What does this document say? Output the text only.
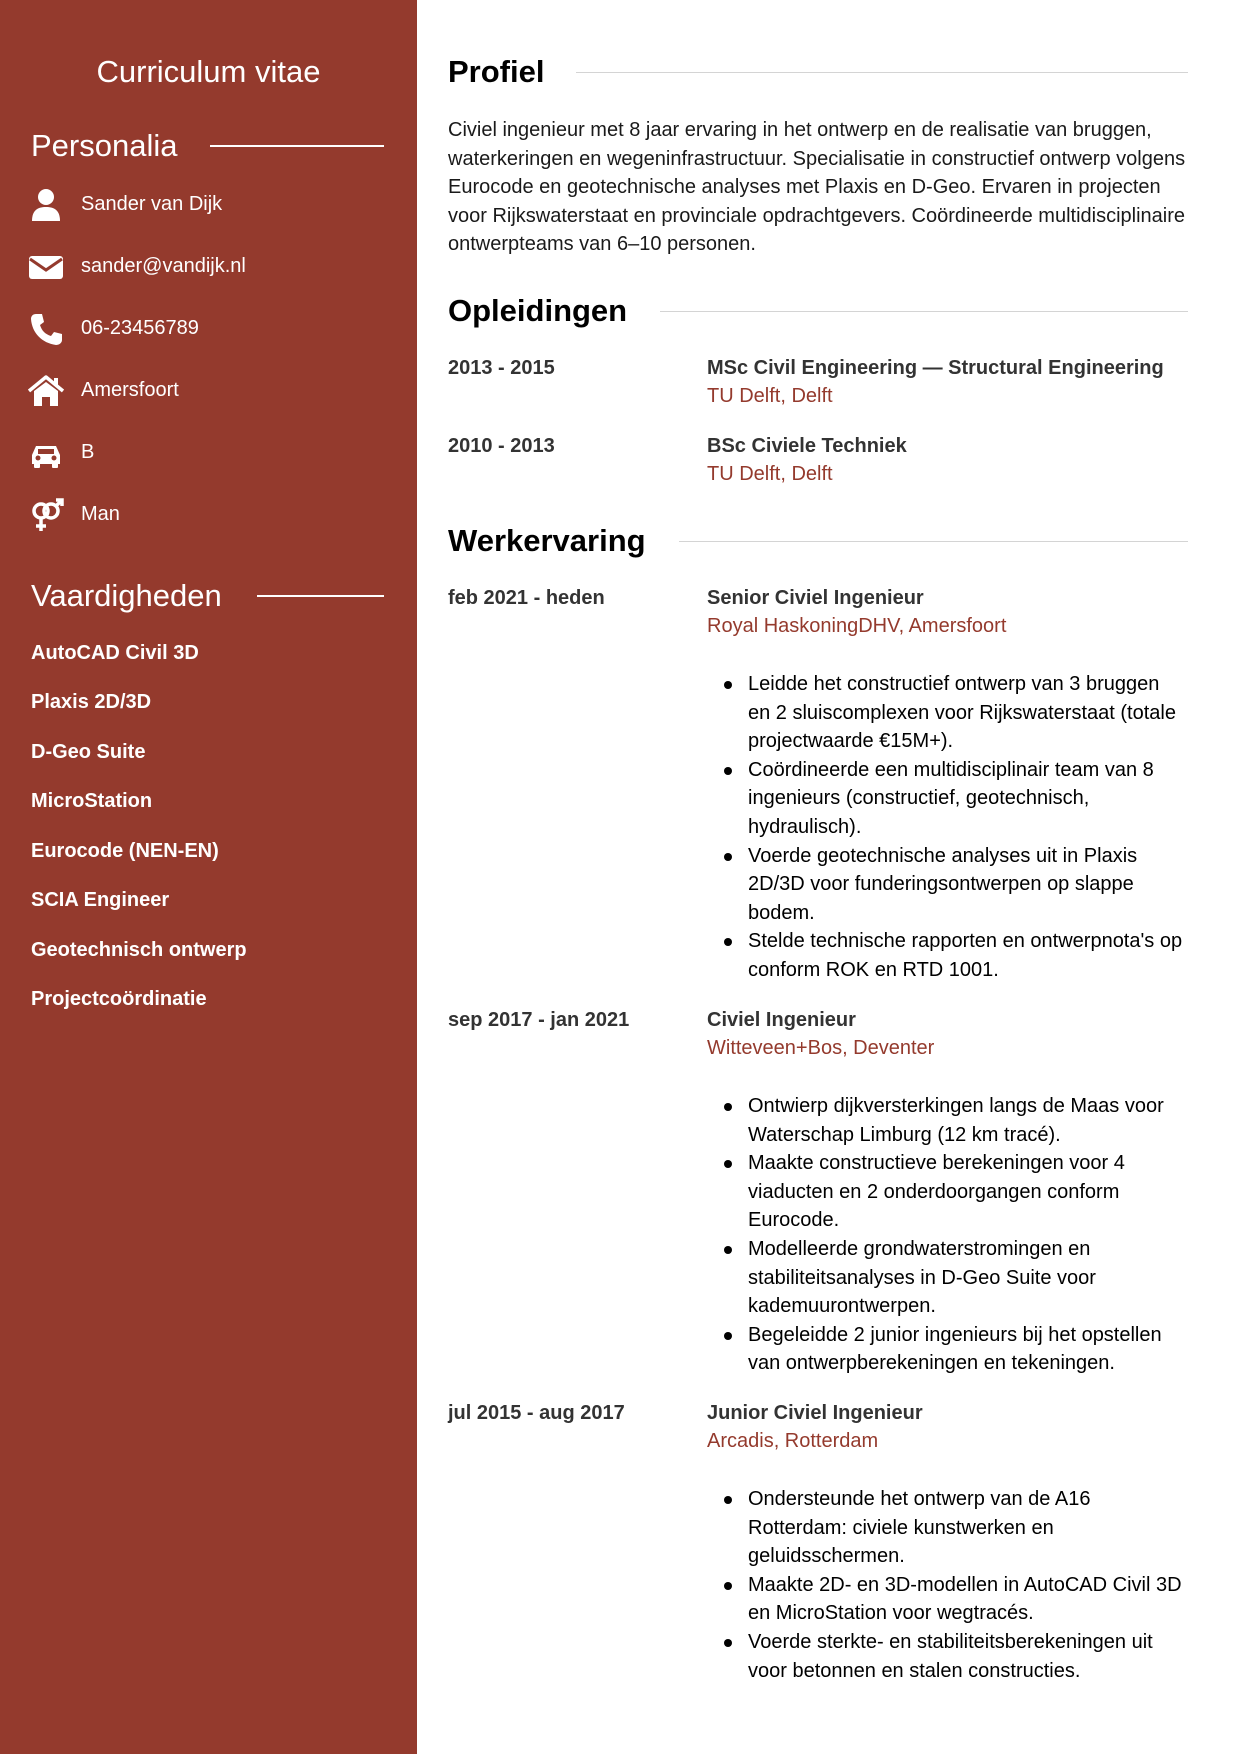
Curriculum vitae
Personalia
Sander van Dijk
sander@vandijk.nl
06-23456789
Amersfoort
B
Man
Vaardigheden
AutoCAD Civil 3D
Plaxis 2D/3D
D-Geo Suite
MicroStation
Eurocode (NEN-EN)
SCIA Engineer
Geotechnisch ontwerp
Projectcoördinatie
Profiel
Civiel ingenieur met 8 jaar ervaring in het ontwerp en de realisatie van bruggen, waterkeringen en wegeninfrastructuur. Specialisatie in constructief ontwerp volgens Eurocode en geotechnische analyses met Plaxis en D-Geo. Ervaren in projecten voor Rijkswaterstaat en provinciale opdrachtgevers. Coördineerde multidisciplinaire ontwerpteams van 6–10 personen.
Opleidingen
2013 - 2015	MSc Civil Engineering — Structural Engineering
TU Delft, Delft
2010 - 2013	BSc Civiele Techniek
TU Delft, Delft
Werkervaring
feb 2021 - heden	Senior Civiel Ingenieur
Royal HaskoningDHV, Amersfoort
Leidde het constructief ontwerp van 3 bruggen en 2 sluiscomplexen voor Rijkswaterstaat (totale projectwaarde €15M+).
Coördineerde een multidisciplinair team van 8 ingenieurs (constructief, geotechnisch, hydraulisch).
Voerde geotechnische analyses uit in Plaxis 2D/3D voor funderingsontwerpen op slappe bodem.
Stelde technische rapporten en ontwerpnota's op conform ROK en RTD 1001.
sep 2017 - jan 2021	Civiel Ingenieur
Witteveen+Bos, Deventer
Ontwierp dijkversterkingen langs de Maas voor Waterschap Limburg (12 km tracé).
Maakte constructieve berekeningen voor 4 viaducten en 2 onderdoorgangen conform Eurocode.
Modelleerde grondwaterstromingen en stabiliteitsanalyses in D-Geo Suite voor kademuurontwerpen.
Begeleidde 2 junior ingenieurs bij het opstellen van ontwerpberekeningen en tekeningen.
jul 2015 - aug 2017	Junior Civiel Ingenieur
Arcadis, Rotterdam
Ondersteunde het ontwerp van de A16 Rotterdam: civiele kunstwerken en geluidsschermen.
Maakte 2D- en 3D-modellen in AutoCAD Civil 3D en MicroStation voor wegtracés.
Voerde sterkte- en stabiliteitsberekeningen uit voor betonnen en stalen constructies.
